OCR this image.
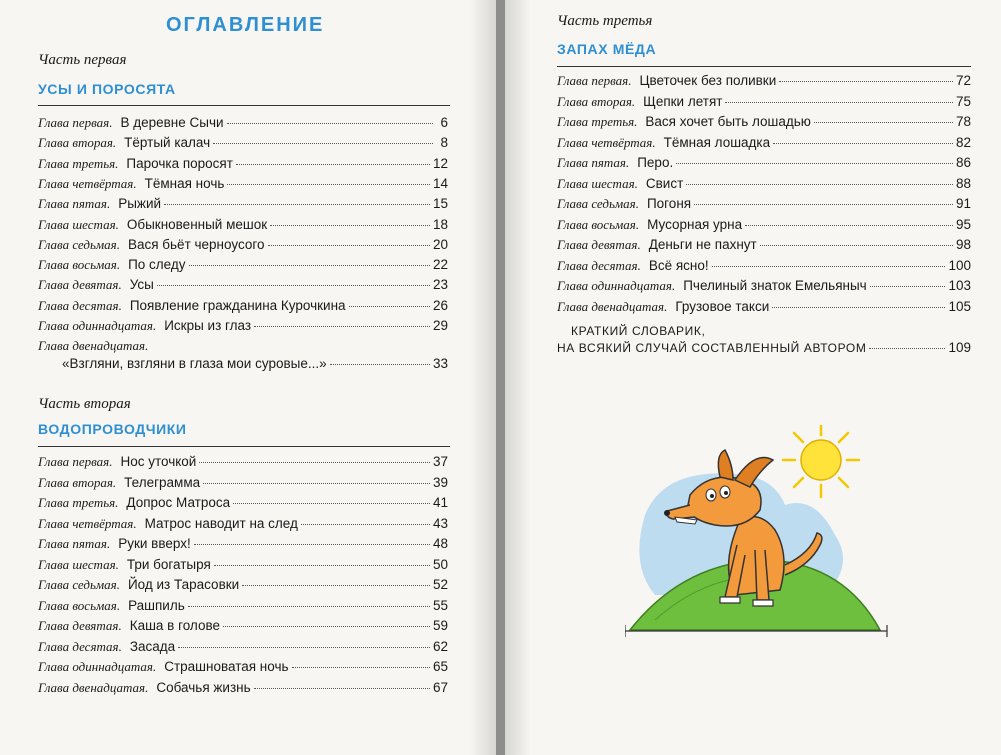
ОГЛАВЛЕНИЕ
Часть первая
УСЫ И ПОРОСЯТА
Глава первая. В деревне Сычи	6
Глава вторая. Тёртый калач	8
Глава третья. Парочка поросят	12
Глава четвёртая. Тёмная ночь	14
Глава пятая. Рыжий	15
Глава шестая. Обыкновенный мешок	18
Глава седьмая. Вася бьёт черноусого	20
Глава восьмая. По следу	22
Глава девятая. Усы	23
Глава десятая. Появление гражданина Курочкина	26
Глава одиннадцатая. Искры из глаз	29
Глава двенадцатая.
«Взгляни, взгляни в глаза мои суровые...»	33
Часть вторая
ВОДОПРОВОДЧИКИ
Глава первая. Нос уточкой	37
Глава вторая. Телеграмма	39
Глава третья. Допрос Матроса	41
Глава четвёртая. Матрос наводит на след	43
Глава пятая. Руки вверх!	48
Глава шестая. Три богатыря	50
Глава седьмая. Йод из Тарасовки	52
Глава восьмая. Рашпиль	55
Глава девятая. Каша в голове	59
Глава десятая. Засада	62
Глава одиннадцатая. Страшноватая ночь	65
Глава двенадцатая. Собачья жизнь	67
Часть третья
ЗАПАХ МЁДА
Глава первая. Цветочек без поливки	72
Глава вторая. Щепки летят	75
Глава третья. Вася хочет быть лошадью	78
Глава четвёртая. Тёмная лошадка	82
Глава пятая. Перо.	86
Глава шестая. Свист	88
Глава седьмая. Погоня	91
Глава восьмая. Мусорная урна	95
Глава девятая. Деньги не пахнут	98
Глава десятая. Всё ясно!	100
Глава одиннадцатая. Пчелиный знаток Емельяныч	103
Глава двенадцатая. Грузовое такси	105
КРАТКИЙ СЛОВАРИК,
НА ВСЯКИЙ СЛУЧАЙ СОСТАВЛЕННЫЙ АВТОРОМ	109
